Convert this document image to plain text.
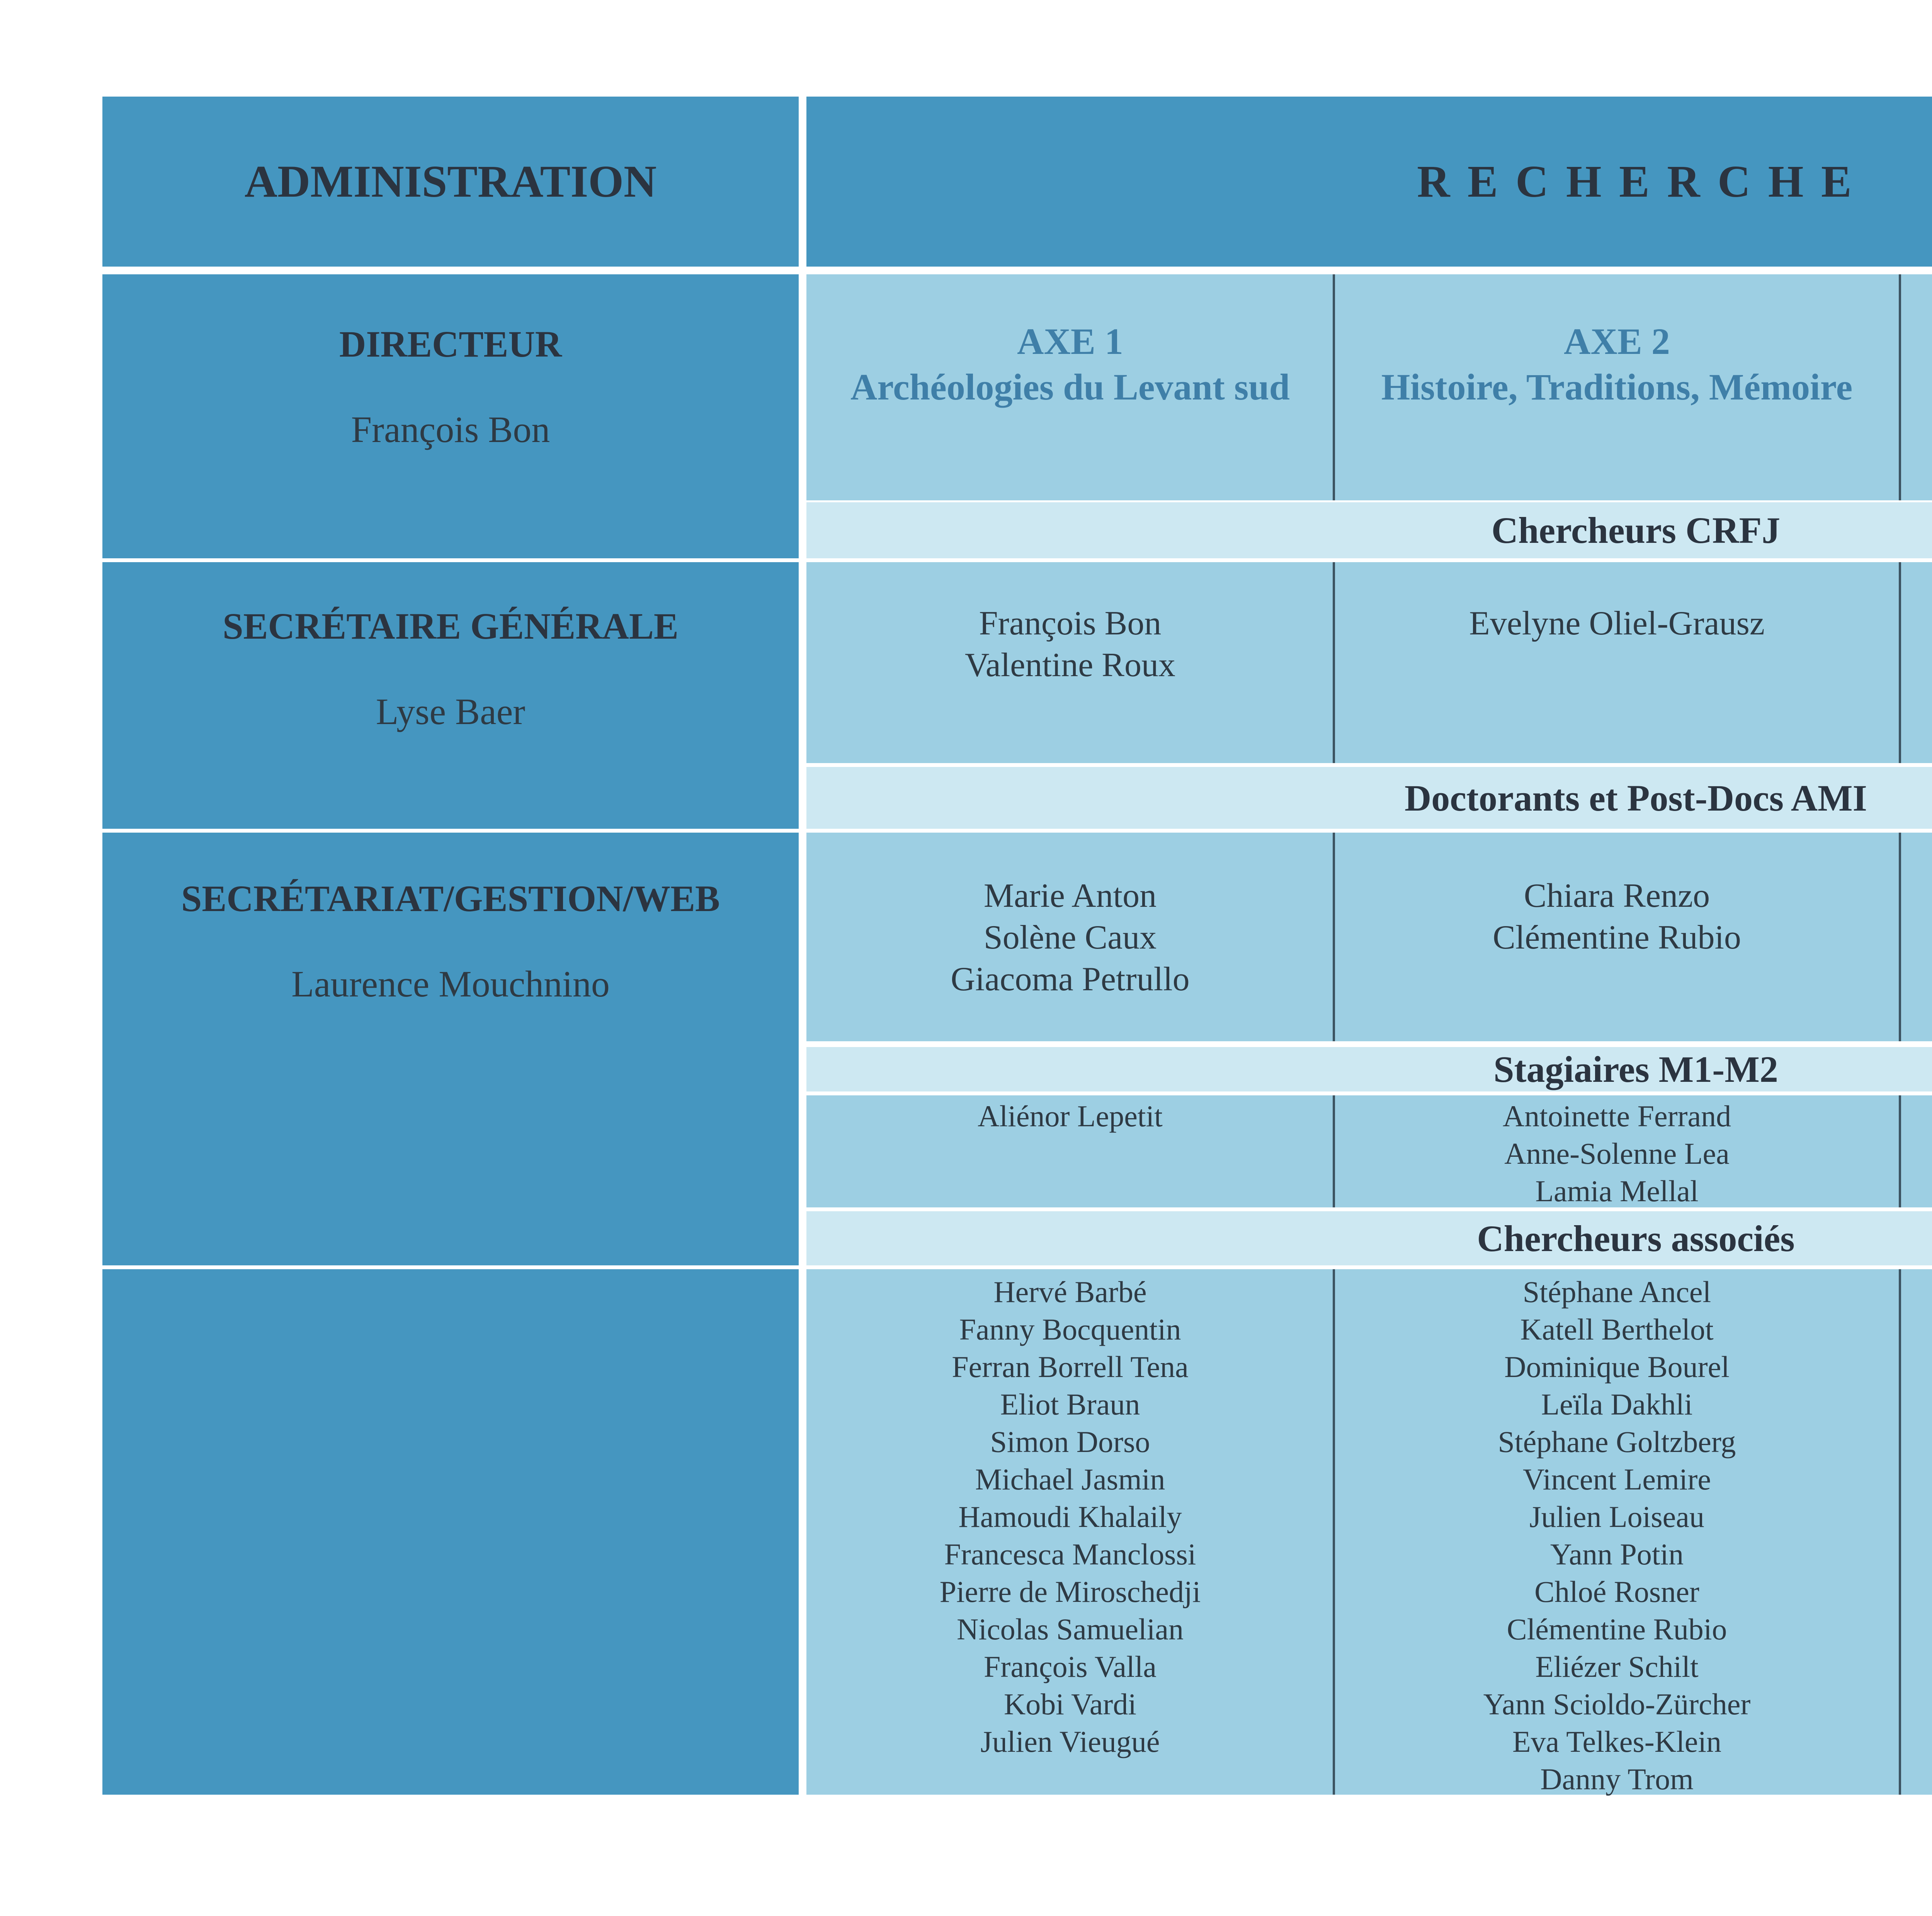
ADMINISTRATION	R E C H E R C H E
DIRECTEUR
François Bon
SECRÉTAIRE GÉNÉRALE
Lyse Baer
SECRÉTARIAT/GESTION/WEB
Laurence Mouchnino
AXE 1
Archéologies du Levant sud
AXE 2
Histoire, Traditions, Mémoire
Chercheurs CRFJ
François Bon
Valentine Roux
Evelyne Oliel-Grausz
Doctorants et Post-Docs AMI
Marie Anton
Solène Caux
Giacoma Petrullo
Chiara Renzo
Clémentine Rubio
Stagiaires M1-M2
Aliénor Lepetit	Antoinette Ferrand
Anne-Solenne Lea
Lamia Mellal
Chercheurs associés
Hervé Barbé
Fanny Bocquentin
Ferran Borrell Tena
Eliot Braun
Simon Dorso
Michael Jasmin
Hamoudi Khalaily
Francesca Manclossi
Pierre de Miroschedji
Nicolas Samuelian
François Valla
Kobi Vardi
Julien Vieugué
Stéphane Ancel
Katell Berthelot
Dominique Bourel
Leïla Dakhli
Stéphane Goltzberg
Vincent Lemire
Julien Loiseau
Yann Potin
Chloé Rosner
Clémentine Rubio
Eliézer Schilt
Yann Scioldo-Zürcher
Eva Telkes-Klein
Danny Trom
